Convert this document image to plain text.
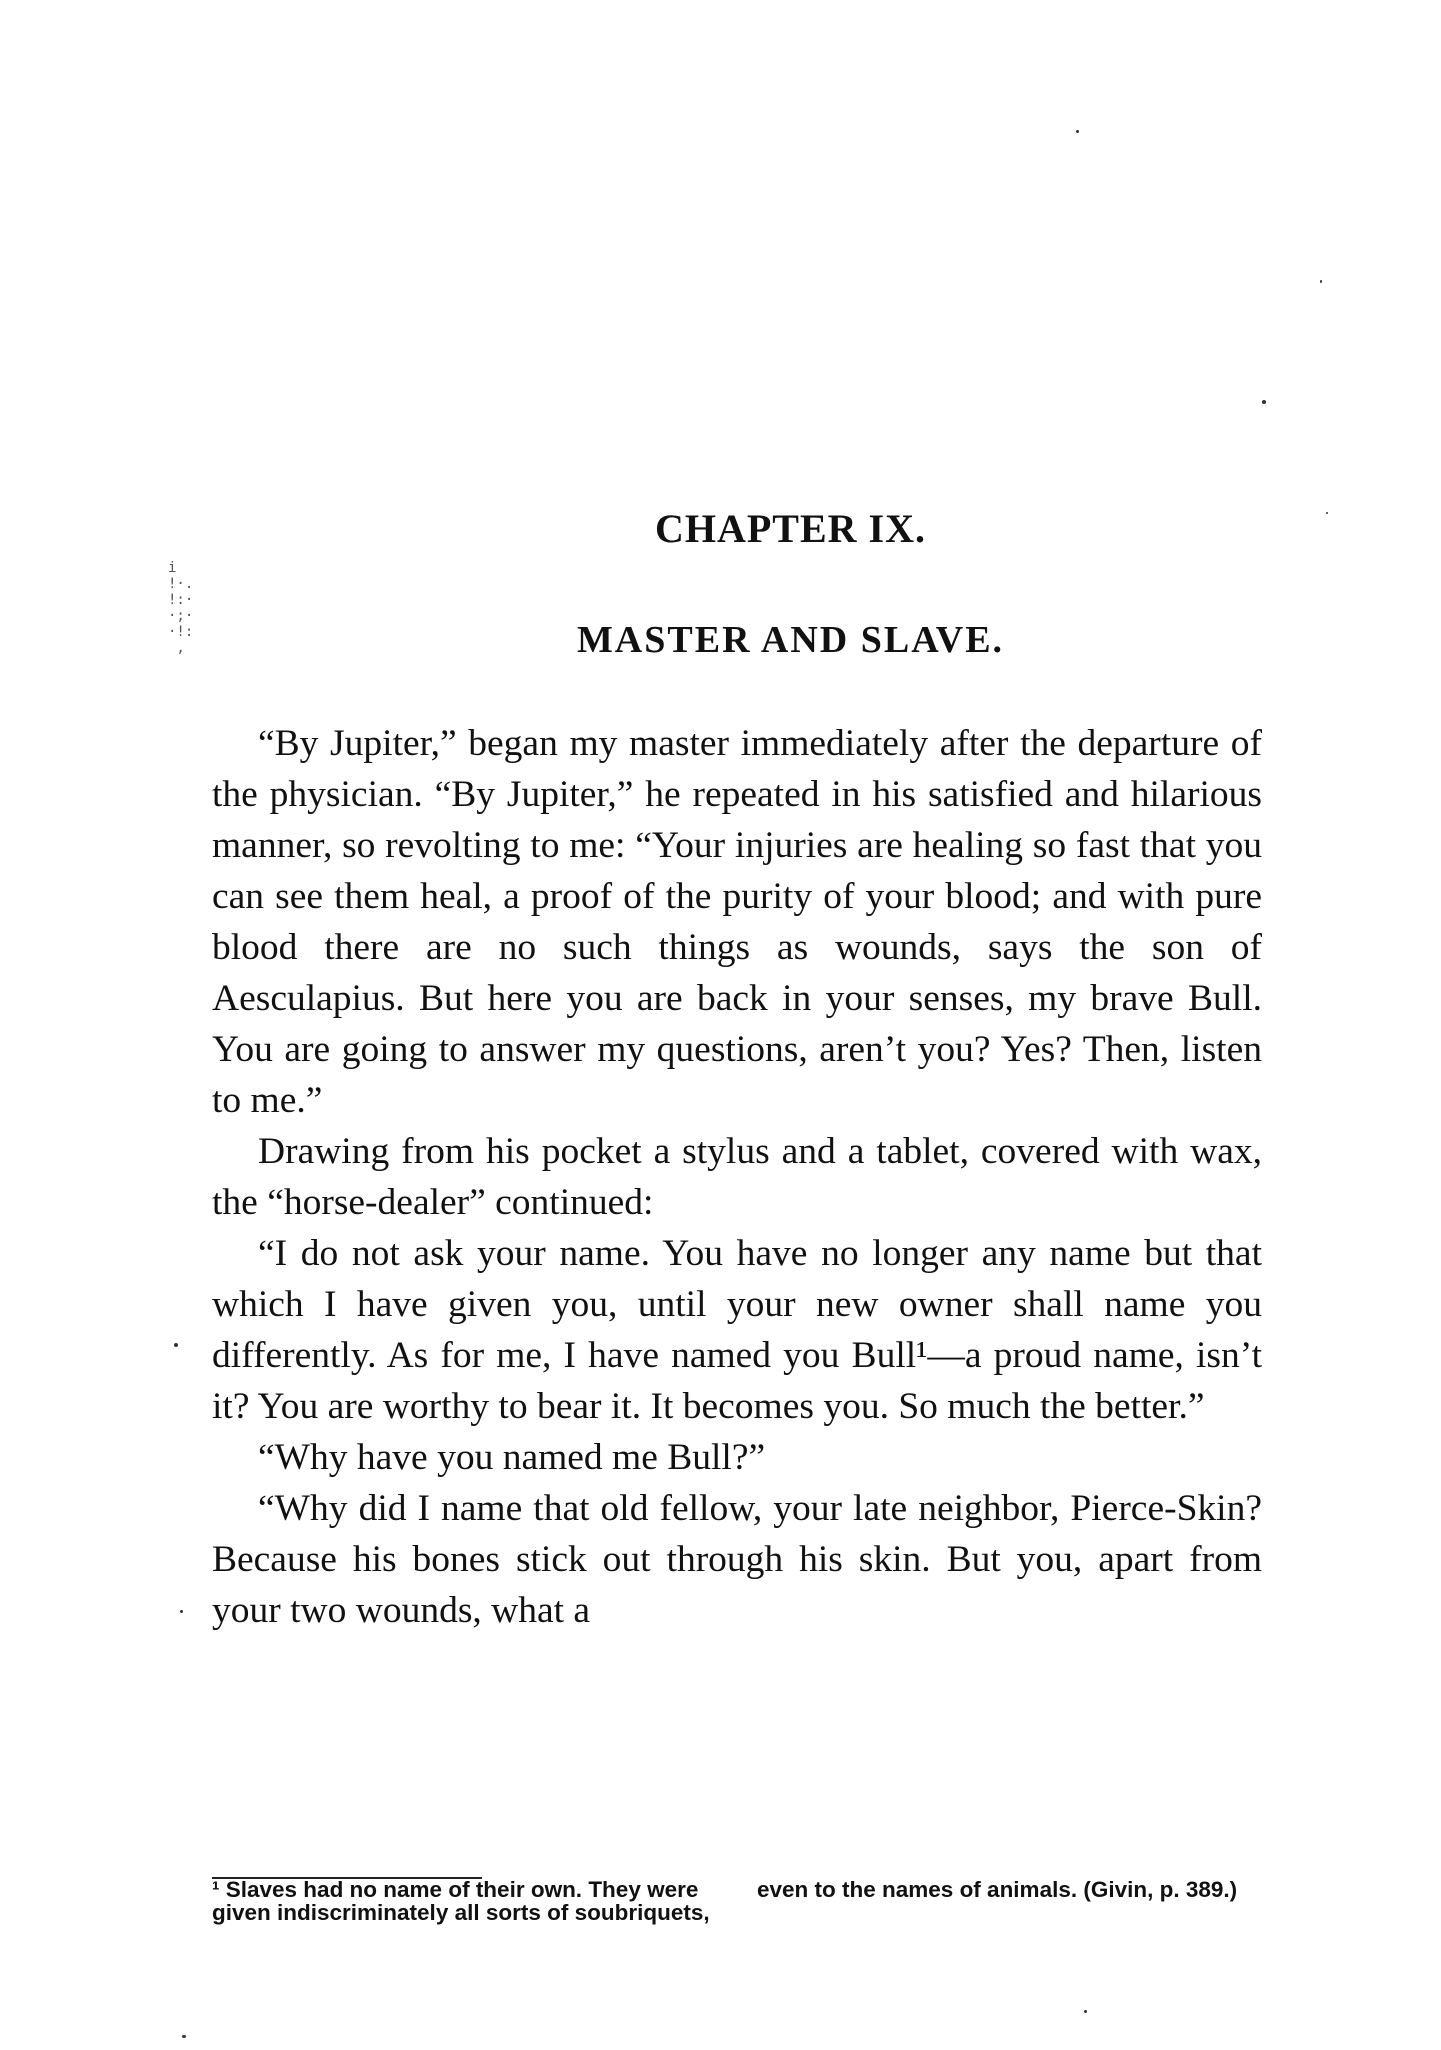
i
!·.
!:·
·;·
·!:
,
CHAPTER IX.
MASTER AND SLAVE.

“By Jupiter,” began my master immediately after the departure of the physician. “By Jupiter,” he repeated in his satisfied and hilarious manner, so revolting to me: “Your injuries are healing so fast that you can see them heal, a proof of the purity of your blood; and with pure blood there are no such things as wounds, says the son of Aesculapius. But here you are back in your senses, my brave Bull. You are going to answer my questions, aren’t you? Yes? Then, listen to me.”

Drawing from his pocket a stylus and a tablet, covered with wax, the “horse-dealer” continued:

“I do not ask your name. You have no longer any name but that which I have given you, until your new owner shall name you differently. As for me, I have named you Bull¹—a proud name, isn’t it? You are worthy to bear it. It becomes you. So much the better.”

“Why have you named me Bull?”

“Why did I name that old fellow, your late neighbor, Pierce-Skin? Because his bones stick out through his skin. But you, apart from your two wounds, what a

¹ Slaves had no name of their own. They were given indiscriminately all sorts of soubriquets, even to the names of animals. (Givin, p. 389.)
